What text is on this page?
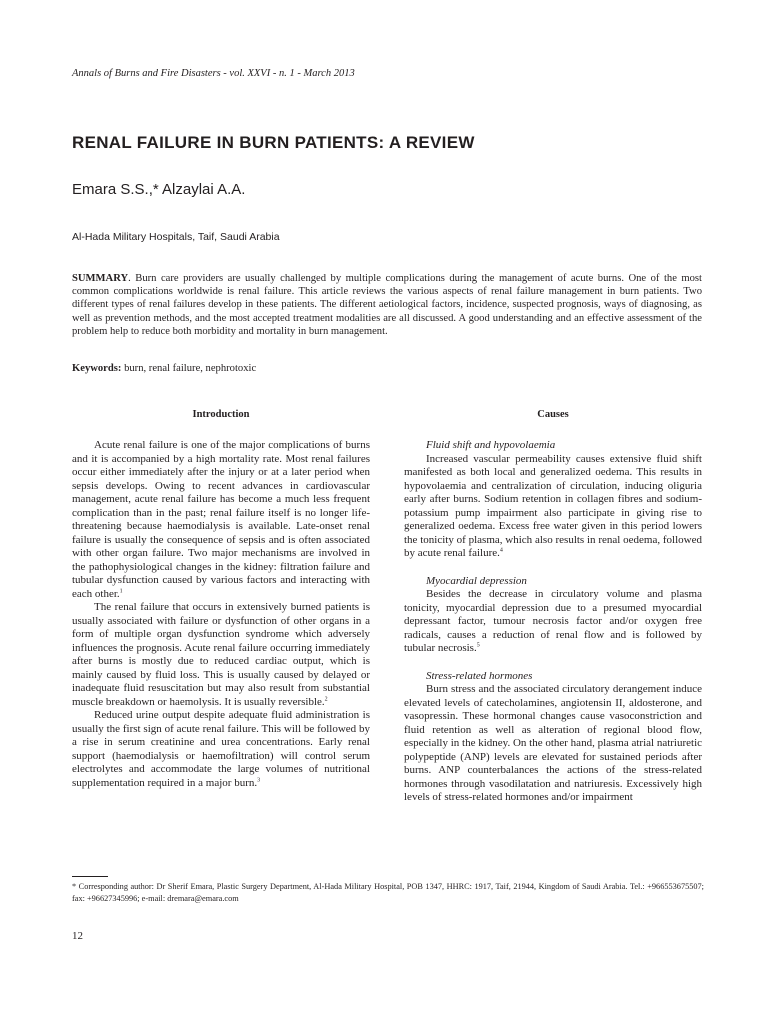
Annals of Burns and Fire Disasters - vol. XXVI - n. 1 - March 2013
RENAL FAILURE IN BURN PATIENTS: A REVIEW
Emara S.S.,* Alzaylai A.A.
Al-Hada Military Hospitals, Taif, Saudi Arabia

SUMMARY. Burn care providers are usually challenged by multiple complications during the management of acute burns. One of the most common complications worldwide is renal failure. This article reviews the various aspects of renal failure management in burn patients. Two different types of renal failures develop in these patients. The different aetiological factors, incidence, suspected prognosis, ways of diagnosing, as well as prevention methods, and the most accepted treatment modalities are all discussed. A good understanding and an effective assessment of the problem help to reduce both morbidity and mortality in burn management.

Keywords: burn, renal failure, nephrotoxic

Introduction

Acute renal failure is one of the major complications of burns and it is accompanied by a high mortality rate. Most renal failures occur either immediately after the injury or at a later period when sepsis develops. Owing to recent advances in cardiovascular management, acute renal failure has become a much less frequent complication than in the past; renal failure itself is no longer life-threatening because haemodialysis is available. Late-onset renal failure is usually the consequence of sepsis and is often associated with other organ failure. Two major mechanisms are involved in the pathophysiological changes in the kidney: filtration failure and tubular dysfunction caused by various factors and interacting with each other.$^1$

The renal failure that occurs in extensively burned patients is usually associated with failure or dysfunction of other organs in a form of multiple organ dysfunction syndrome which adversely influences the prognosis. Acute renal failure occurring immediately after burns is mostly due to reduced cardiac output, which is mainly caused by fluid loss. This is usually caused by delayed or inadequate fluid resuscitation but may also result from substantial muscle breakdown or haemolysis. It is usually reversible.$^2$

Reduced urine output despite adequate fluid administration is usually the first sign of acute renal failure. This will be followed by a rise in serum creatinine and urea concentrations. Early renal support (haemodialysis or haemofiltration) will control serum electrolytes and accommodate the large volumes of nutritional supplementation required in a major burn.$^3$

Causes

Fluid shift and hypovolaemia

Increased vascular permeability causes extensive fluid shift manifested as both local and generalized oedema. This results in hypovolaemia and centralization of circulation, inducing oliguria early after burns. Sodium retention in collagen fibres and sodium-potassium pump impairment also participate in giving rise to generalized oedema. Excess free water given in this period lowers the tonicity of plasma, which also results in renal oedema, followed by acute renal failure.$^4$

Myocardial depression

Besides the decrease in circulatory volume and plasma tonicity, myocardial depression due to a presumed myocardial depressant factor, tumour necrosis factor and/or oxygen free radicals, causes a reduction of renal flow and is followed by tubular necrosis.$^5$

Stress-related hormones

Burn stress and the associated circulatory derangement induce elevated levels of catecholamines, angiotensin II, aldosterone, and vasopressin. These hormonal changes cause vasoconstriction and fluid retention as well as alteration of regional blood flow, especially in the kidney. On the other hand, plasma atrial natriuretic polypeptide (ANP) levels are elevated for sustained periods after burns. ANP counterbalances the actions of the stress-related hormones through vasodilatation and natriuresis. Excessively high levels of stress-related hormones and/or impairment

* Corresponding author: Dr Sherif Emara, Plastic Surgery Department, Al-Hada Military Hospital, POB 1347, HHRC: 1917, Taif, 21944, Kingdom of Saudi Arabia. Tel.: +966553675507; fax: +96627345996; e-mail: dremara@emara.com

12
